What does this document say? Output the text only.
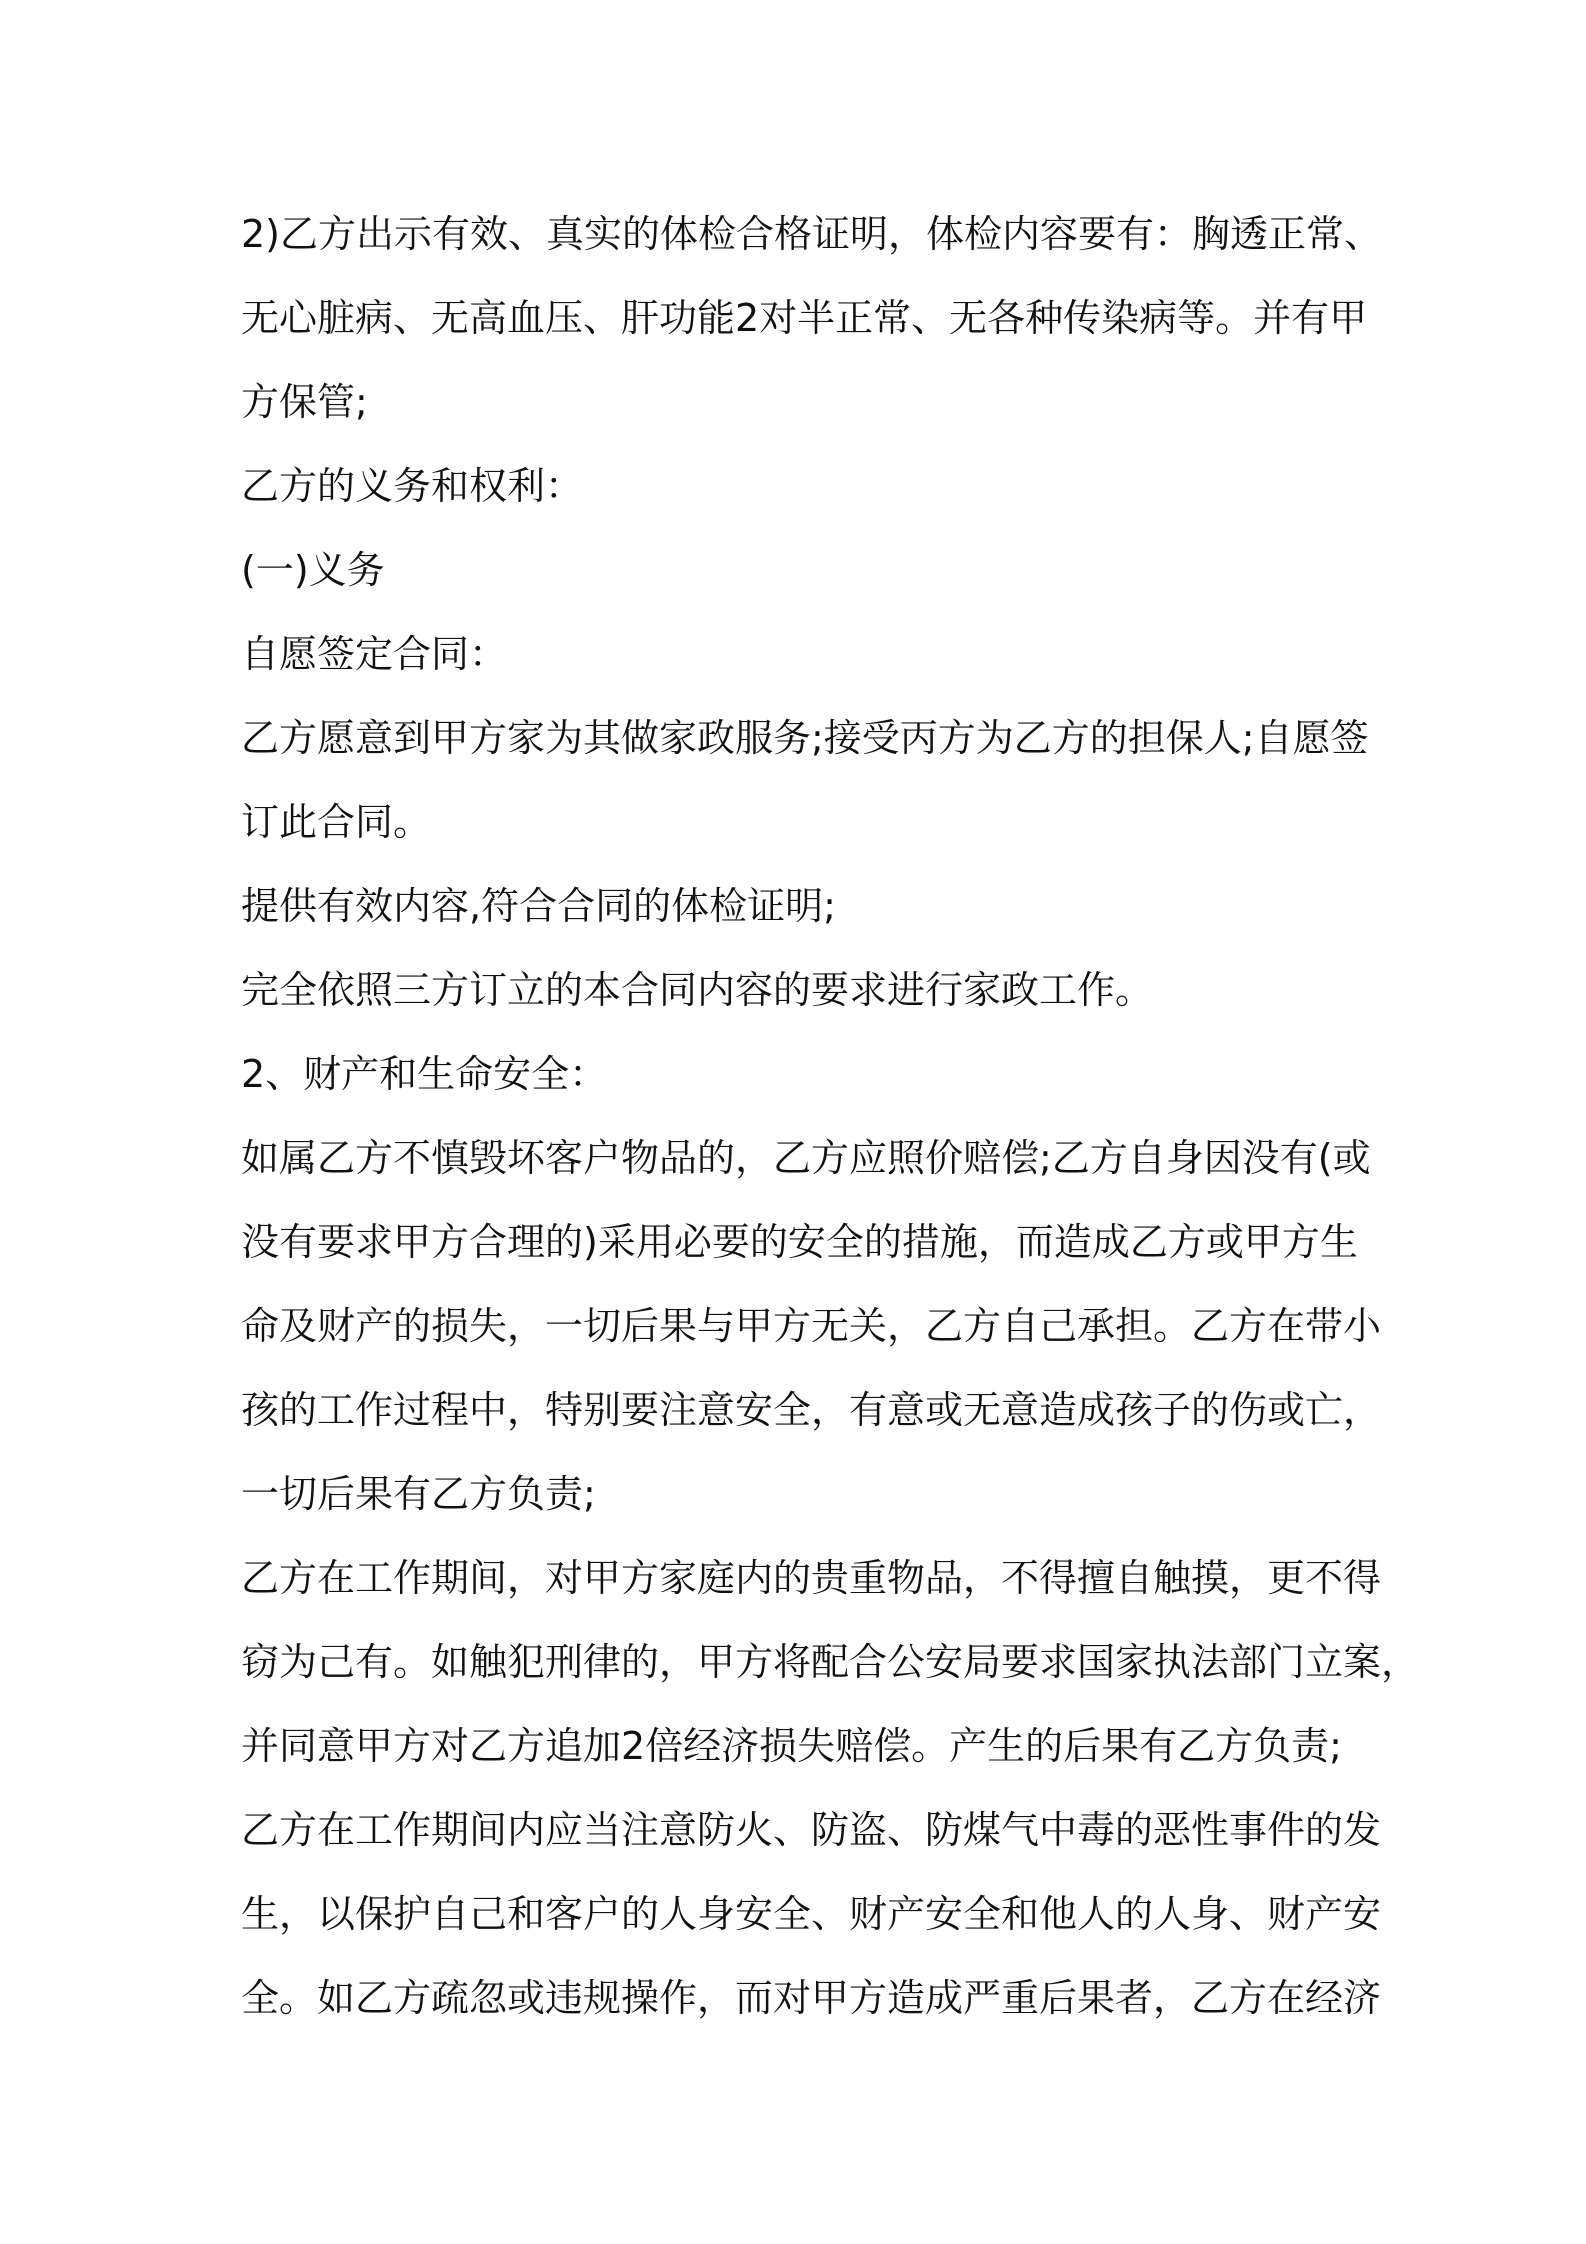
2)乙方出示有效、真实的体检合格证明，体检内容要有：胸透正常、

无心脏病、无高血压、肝功能2对半正常、无各种传染病等。并有甲

方保管;

乙方的义务和权利：

(一)义务

自愿签定合同：

乙方愿意到甲方家为其做家政服务;接受丙方为乙方的担保人;自愿签

订此合同。

提供有效内容,符合合同的体检证明;

完全依照三方订立的本合同内容的要求进行家政工作。

2、财产和生命安全：

如属乙方不慎毁坏客户物品的，乙方应照价赔偿;乙方自身因没有(或

没有要求甲方合理的)采用必要的安全的措施，而造成乙方或甲方生

命及财产的损失，一切后果与甲方无关，乙方自己承担。乙方在带小

孩的工作过程中，特别要注意安全，有意或无意造成孩子的伤或亡，

一切后果有乙方负责;

乙方在工作期间，对甲方家庭内的贵重物品，不得擅自触摸，更不得

窃为己有。如触犯刑律的，甲方将配合公安局要求国家执法部门立案，

并同意甲方对乙方追加2倍经济损失赔偿。产生的后果有乙方负责;

乙方在工作期间内应当注意防火、防盗、防煤气中毒的恶性事件的发

生，以保护自己和客户的人身安全、财产安全和他人的人身、财产安

全。如乙方疏忽或违规操作，而对甲方造成严重后果者，乙方在经济
